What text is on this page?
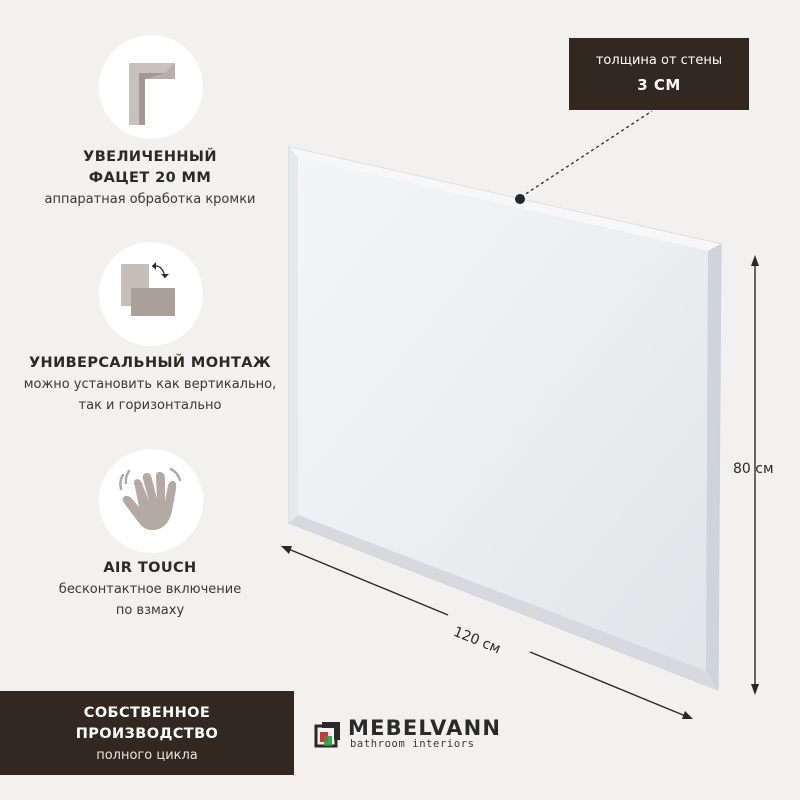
толщина от стены
3 СМ
80 см
120 см
УВЕЛИЧЕННЫЙ
ФАЦЕТ 20 ММ
аппаратная обработка кромки
УНИВЕРСАЛЬНЫЙ МОНТАЖ
можно установить как вертикально,
так и горизонтально
AIR TOUCH
бесконтактное включение
по взмаху
СОБСТВЕННОЕ
ПРОИЗВОДСТВО
полного цикла
MEBELVANN
bathroom interiors
